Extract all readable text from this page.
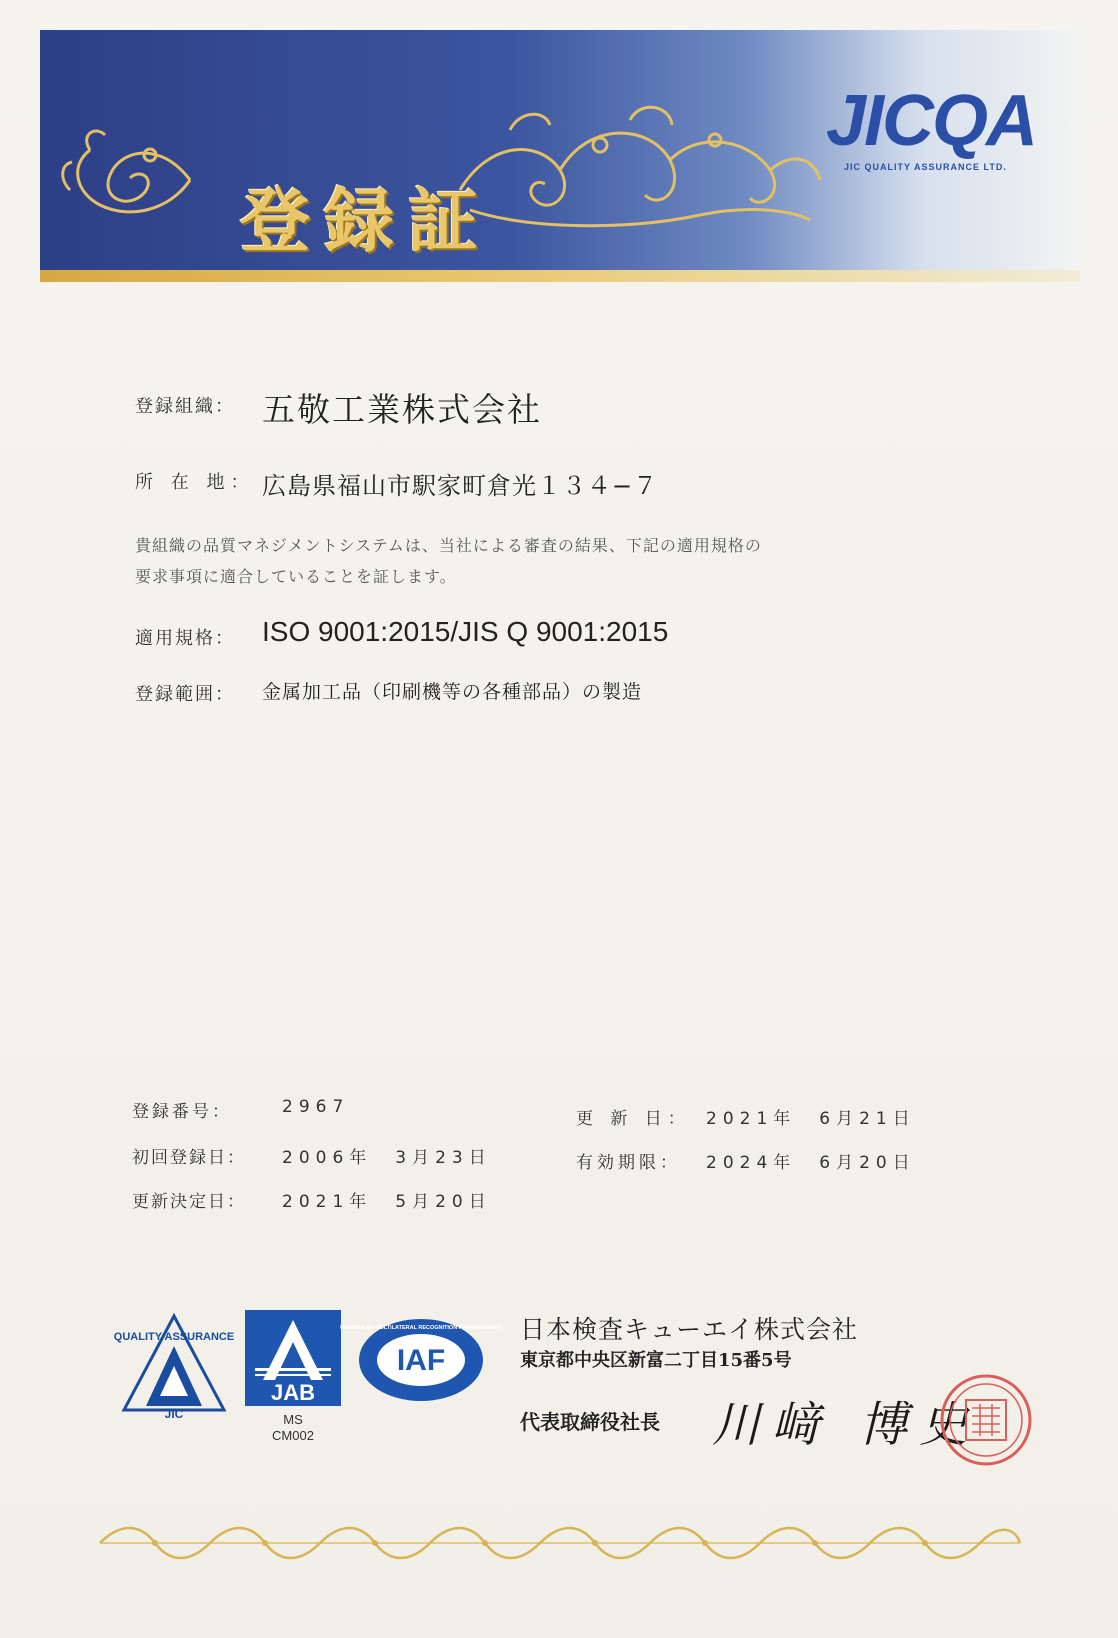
登録証
JICQA
JIC QUALITY ASSURANCE LTD.
登録組織： 五敬工業株式会社
所 在 地： 広島県福山市駅家町倉光１３４−７
貴組織の品質マネジメントシステムは、当社による審査の結果、下記の適用規格の
要求事項に適合していることを証します。
適用規格： ISO 9001:2015/JIS Q 9001:2015
登録範囲： 金属加工品（印刷機等の各種部品）の製造
登録番号：	2967
初回登録日： 2006年　3月23日
更新決定日： 2021年　5月20日
更 新 日： 2021年　6月21日
有効期限： 2024年　6月20日
QUALITY ASSURANCE
JIC
JAB
MS
CM002
IAF
MEMBER OF MULTILATERAL RECOGNITION ARRANGEMENT 日本検査キューエイ株式会社
東京都中央区新富二丁目15番5号
代表取締役社長 川﨑 博史
